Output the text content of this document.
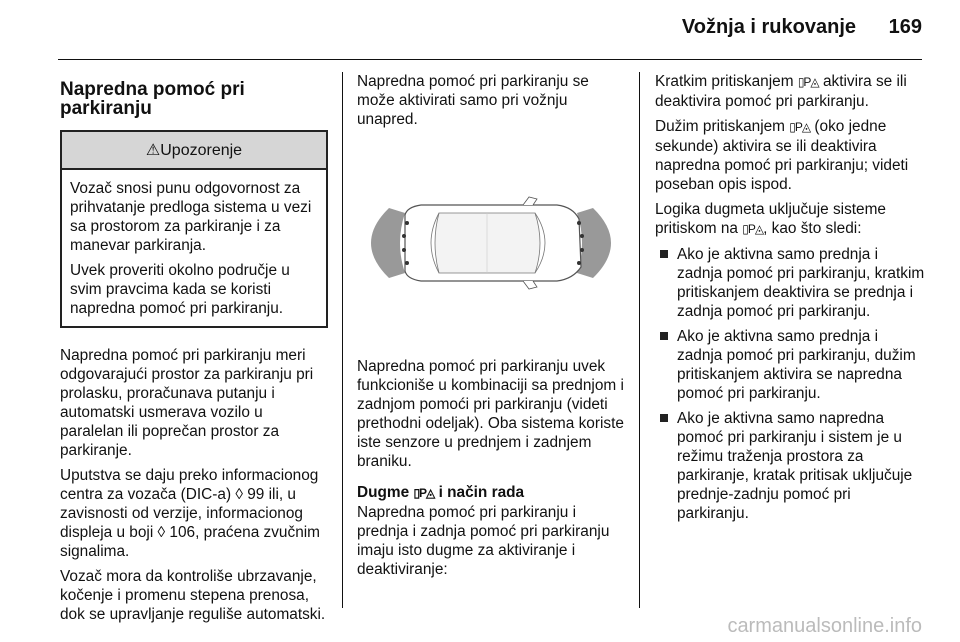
Vožnja i rukovanje 169
Napredna pomoć pri parkiranju
⚠ Upozorenje

Vozač snosi punu odgovornost za prihvatanje predloga sistema u vezi sa prostorom za parkiranje i za manevar parkiranja.

Uvek proveriti okolno područje u svim pravcima kada se koristi napredna pomoć pri parkiranju.

Napredna pomoć pri parkiranju meri odgovarajući prostor za parkiranju pri prolasku, proračunava putanju i automatski usmerava vozilo u paralelan ili poprečan prostor za parkiranje.

Uputstva se daju preko informacionog centra za vozača (DIC-a) ◊ 99 ili, u zavisnosti od verzije, informacionog displeja u boji ◊ 106, praćena zvučnim signalima.

Vozač mora da kontroliše ubrzavanje, kočenje i promenu stepena prenosa, dok se upravljanje reguliše automatski.

Napredna pomoć pri parkiranju se može aktivirati samo pri vožnju unapred.

Napredna pomoć pri parkiranju uvek funkcioniše u kombinaciji sa prednjom i zadnjom pomoći pri parkiranju (videti prethodni odeljak). Oba sistema koriste iste senzore u prednjem i zadnjem braniku.

Dugme ▯P◬ i način rada

Napredna pomoć pri parkiranju i prednja i zadnja pomoć pri parkiranju imaju isto dugme za aktiviranje i deaktiviranje:

Kratkim pritiskanjem ▯P◬ aktivira se ili deaktivira pomoć pri parkiranju.

Dužim pritiskanjem ▯P◬ (oko jedne sekunde) aktivira se ili deaktivira napredna pomoć pri parkiranju; videti poseban opis ispod.

Logika dugmeta uključuje sisteme pritiskom na ▯P◬, kao što sledi:

Ako je aktivna samo prednja i zadnja pomoć pri parkiranju, kratkim pritiskanjem deaktivira se prednja i zadnja pomoć pri parkiranju.
Ako je aktivna samo prednja i zadnja pomoć pri parkiranju, dužim pritiskanjem aktivira se napredna pomoć pri parkiranju.
Ako je aktivna samo napredna pomoć pri parkiranju i sistem je u režimu traženja prostora za parkiranje, kratak pritisak uključuje prednje-zadnju pomoć pri parkiranju.
carmanualsonline.info
